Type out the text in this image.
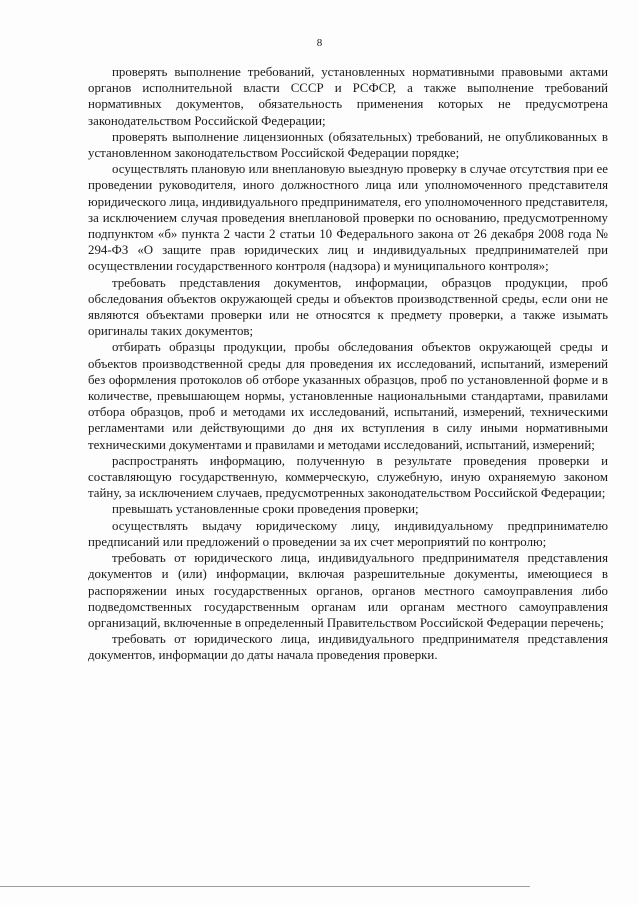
8

проверять выполнение требований, установленных нормативными правовыми актами органов исполнительной власти СССР и РСФСР, а также выполнение требований нормативных документов, обязательность применения которых не предусмотрена законодательством Российской Федерации;

проверять выполнение лицензионных (обязательных) требований, не опубликованных в установленном законодательством Российской Федерации порядке;

осуществлять плановую или внеплановую выездную проверку в случае отсутствия при ее проведении руководителя, иного должностного лица или уполномоченного представителя юридического лица, индивидуального предпринимателя, его уполномоченного представителя, за исключением случая проведения внеплановой проверки по основанию, предусмотренному подпунктом «б» пункта 2 части 2 статьи 10 Федерального закона от 26 декабря 2008 года № 294-ФЗ «О защите прав юридических лиц и индивидуальных предпринимателей при осуществлении государственного контроля (надзора) и муниципального контроля»;

требовать представления документов, информации, образцов продукции, проб обследования объектов окружающей среды и объектов производственной среды, если они не являются объектами проверки или не относятся к предмету проверки, а также изымать оригиналы таких документов;

отбирать образцы продукции, пробы обследования объектов окружающей среды и объектов производственной среды для проведения их исследований, испытаний, измерений без оформления протоколов об отборе указанных образцов, проб по установленной форме и в количестве, превышающем нормы, установленные национальными стандартами, правилами отбора образцов, проб и методами их исследований, испытаний, измерений, техническими регламентами или действующими до дня их вступления в силу иными нормативными техническими документами и правилами и методами исследований, испытаний, измерений;

распространять информацию, полученную в результате проведения проверки и составляющую государственную, коммерческую, служебную, иную охраняемую законом тайну, за исключением случаев, предусмотренных законодательством Российской Федерации;

превышать установленные сроки проведения проверки;

осуществлять выдачу юридическому лицу, индивидуальному предпринимателю предписаний или предложений о проведении за их счет мероприятий по контролю;

требовать от юридического лица, индивидуального предпринимателя представления документов и (или) информации, включая разрешительные документы, имеющиеся в распоряжении иных государственных органов, органов местного самоуправления либо подведомственных государственным органам или органам местного самоуправления организаций, включенные в определенный Правительством Российской Федерации перечень;

требовать от юридического лица, индивидуального предпринимателя представления документов, информации до даты начала проведения проверки.
